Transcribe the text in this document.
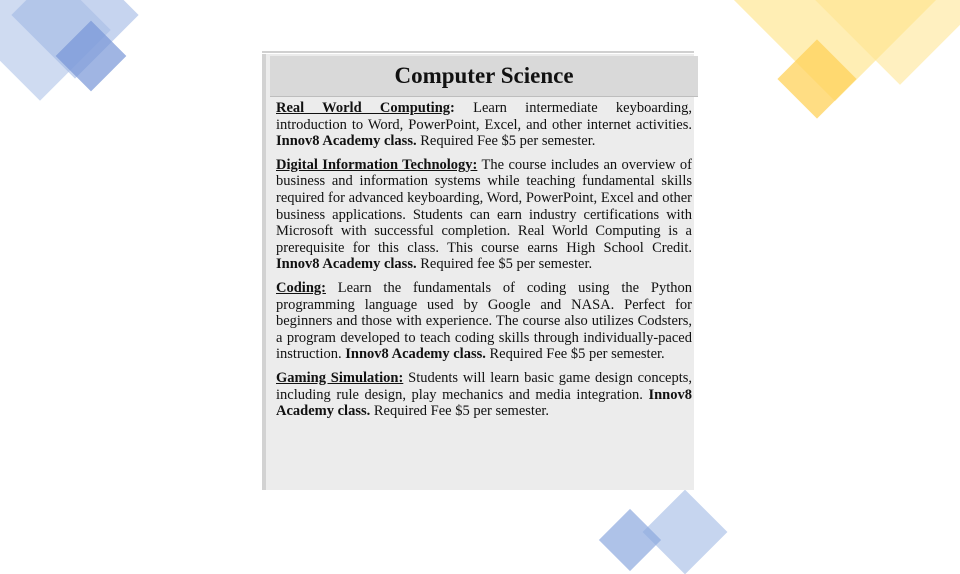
Computer Science

Real World Computing: Learn intermediate keyboarding, introduction to Word, PowerPoint, Excel, and other internet activities. Innov8 Academy class. Required Fee $5 per semester.

Digital Information Technology: The course includes an overview of business and information systems while teaching fundamental skills required for advanced keyboarding, Word, PowerPoint, Excel and other business applications. Students can earn industry certifications with Microsoft with successful completion. Real World Computing is a prerequisite for this class. This course earns High School Credit. Innov8 Academy class. Required fee $5 per semester.

Coding: Learn the fundamentals of coding using the Python programming language used by Google and NASA. Perfect for beginners and those with experience. The course also utilizes Codsters, a program developed to teach coding skills through individually-paced instruction. Innov8 Academy class. Required Fee $5 per semester.

Gaming Simulation: Students will learn basic game design concepts, including rule design, play mechanics and media integration. Innov8 Academy class. Required Fee $5 per semester.
